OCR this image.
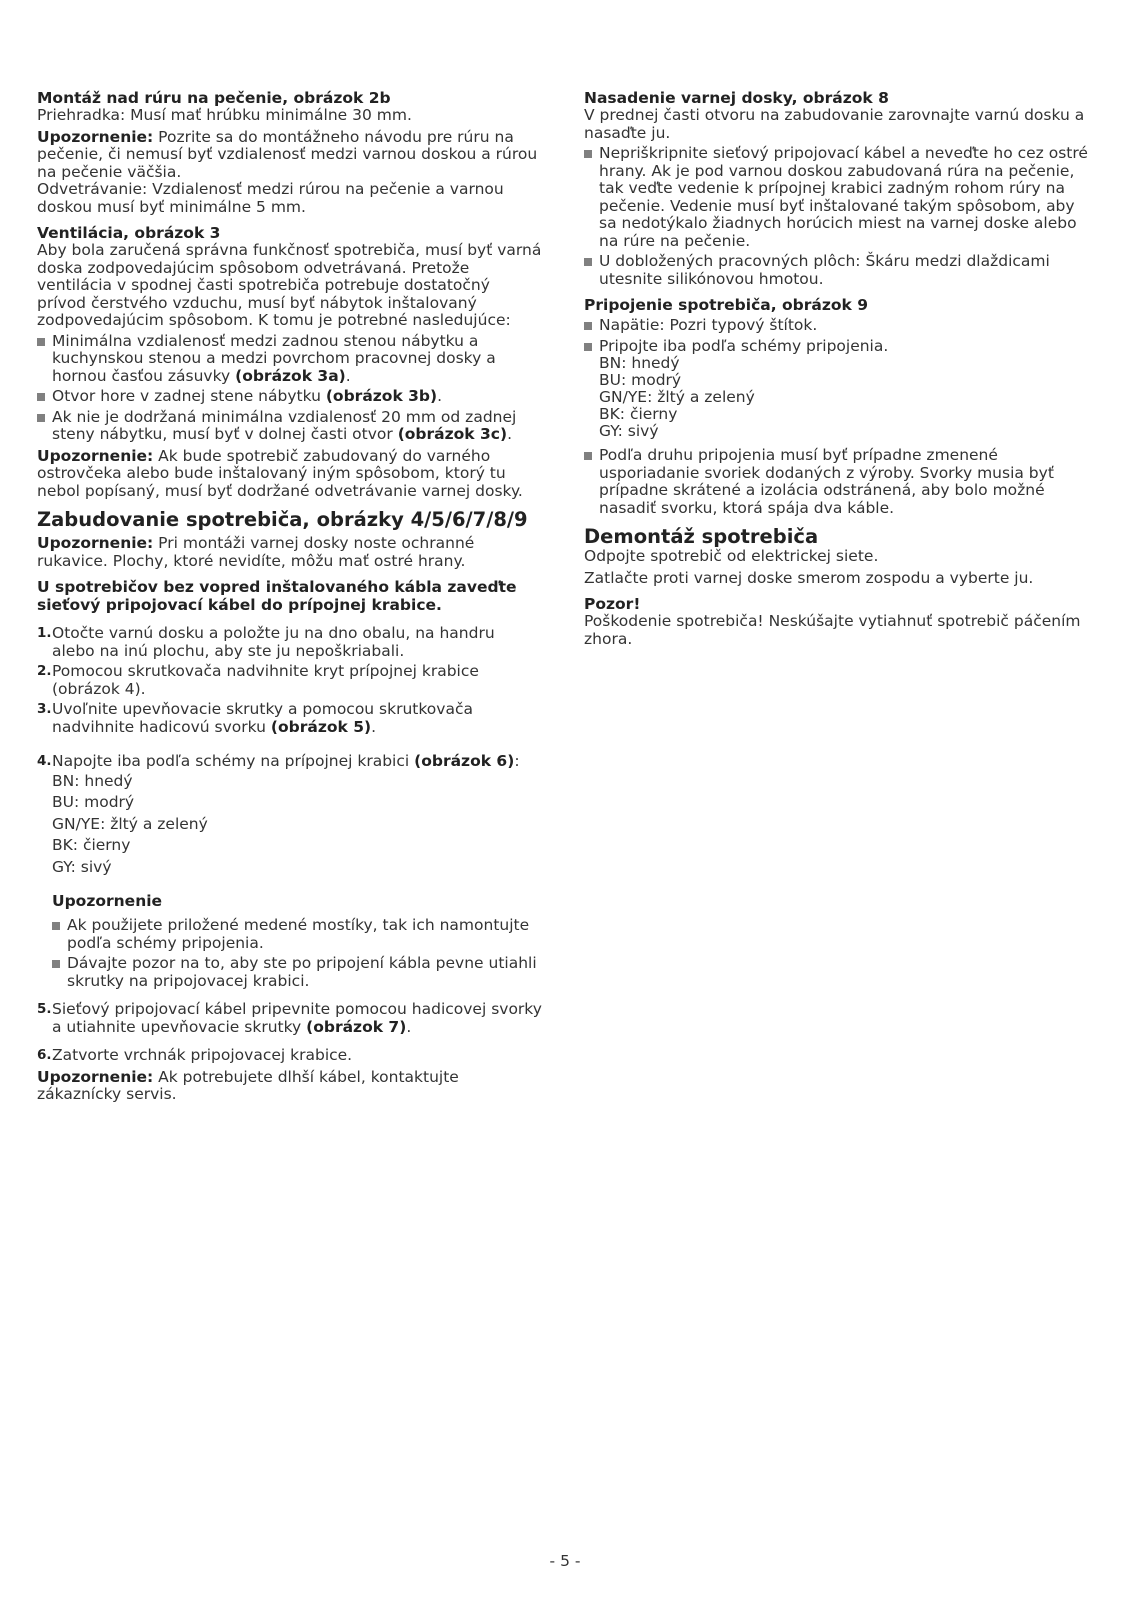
Montáž nad rúru na pečenie, obrázok 2b

Priehradka: Musí mať hrúbku minimálne 30 mm.

Upozornenie: Pozrite sa do montážneho návodu pre rúru na pečenie, či nemusí byť vzdialenosť medzi varnou doskou a rúrou na pečenie väčšia.

Odvetrávanie: Vzdialenosť medzi rúrou na pečenie a varnou doskou musí byť minimálne 5 mm.

Ventilácia, obrázok 3

Aby bola zaručená správna funkčnosť spotrebiča, musí byť varná doska zodpovedajúcim spôsobom odvetrávaná. Pretože ventilácia v spodnej časti spotrebiča potrebuje dostatočný prívod čerstvého vzduchu, musí byť nábytok inštalovaný zodpovedajúcim spôsobom. K tomu je potrebné nasledujúce:

Minimálna vzdialenosť medzi zadnou stenou nábytku a kuchynskou stenou a medzi povrchom pracovnej dosky a hornou časťou zásuvky (obrázok 3a).
Otvor hore v zadnej stene nábytku (obrázok 3b).
Ak nie je dodržaná minimálna vzdialenosť 20 mm od zadnej steny nábytku, musí byť v dolnej časti otvor (obrázok 3c).

Upozornenie: Ak bude spotrebič zabudovaný do varného ostrovčeka alebo bude inštalovaný iným spôsobom, ktorý tu nebol popísaný, musí byť dodržané odvetrávanie varnej dosky.

Zabudovanie spotrebiča, obrázky 4/5/6/7/8/9

Upozornenie: Pri montáži varnej dosky noste ochranné rukavice. Plochy, ktoré nevidíte, môžu mať ostré hrany.

U spotrebičov bez vopred inštalovaného kábla zaveďte sieťový pripojovací kábel do prípojnej krabice.
1. Otočte varnú dosku a položte ju na dno obalu, na handru alebo na inú plochu, aby ste ju nepoškriabali.
2. Pomocou skrutkovača nadvihnite kryt prípojnej krabice (obrázok 4).
3. Uvoľnite upevňovacie skrutky a pomocou skrutkovača nadvihnite hadicovú svorku (obrázok 5).
4. Napojte iba podľa schémy na prípojnej krabici (obrázok 6):
BN: hnedý
BU: modrý
GN/YE: žltý a zelený
BK: čierny
GY: sivý
Upozornenie
Ak použijete priložené medené mostíky, tak ich namontujte podľa schémy pripojenia.
Dávajte pozor na to, aby ste po pripojení kábla pevne utiahli skrutky na pripojovacej krabici.
5. Sieťový pripojovací kábel pripevnite pomocou hadicovej svorky a utiahnite upevňovacie skrutky (obrázok 7).
6. Zatvorte vrchnák pripojovacej krabice.

Upozornenie: Ak potrebujete dlhší kábel, kontaktujte zákaznícky servis.

Nasadenie varnej dosky, obrázok 8

V prednej časti otvoru na zabudovanie zarovnajte varnú dosku a nasaďte ju.

Nepriškripnite sieťový pripojovací kábel a neveďte ho cez ostré hrany. Ak je pod varnou doskou zabudovaná rúra na pečenie, tak veďte vedenie k prípojnej krabici zadným rohom rúry na pečenie. Vedenie musí byť inštalované takým spôsobom, aby sa nedotýkalo žiadnych horúcich miest na varnej doske alebo na rúre na pečenie.
U dobložených pracovných plôch: Škáru medzi dlaždicami utesnite silikónovou hmotou.
Pripojenie spotrebiča, obrázok 9
Napätie: Pozri typový štítok.
Pripojte iba podľa schémy pripojenia.
BN: hnedý
BU: modrý
GN/YE: žltý a zelený
BK: čierny
GY: sivý
Podľa druhu pripojenia musí byť prípadne zmenené usporiadanie svoriek dodaných z výroby. Svorky musia byť prípadne skrátené a izolácia odstránená, aby bolo možné nasadiť svorku, ktorá spája dva káble.
Demontáž spotrebiča

Odpojte spotrebič od elektrickej siete.

Zatlačte proti varnej doske smerom zospodu a vyberte ju.

Pozor!

Poškodenie spotrebiča! Neskúšajte vytiahnuť spotrebič páčením zhora.

- 5 -
